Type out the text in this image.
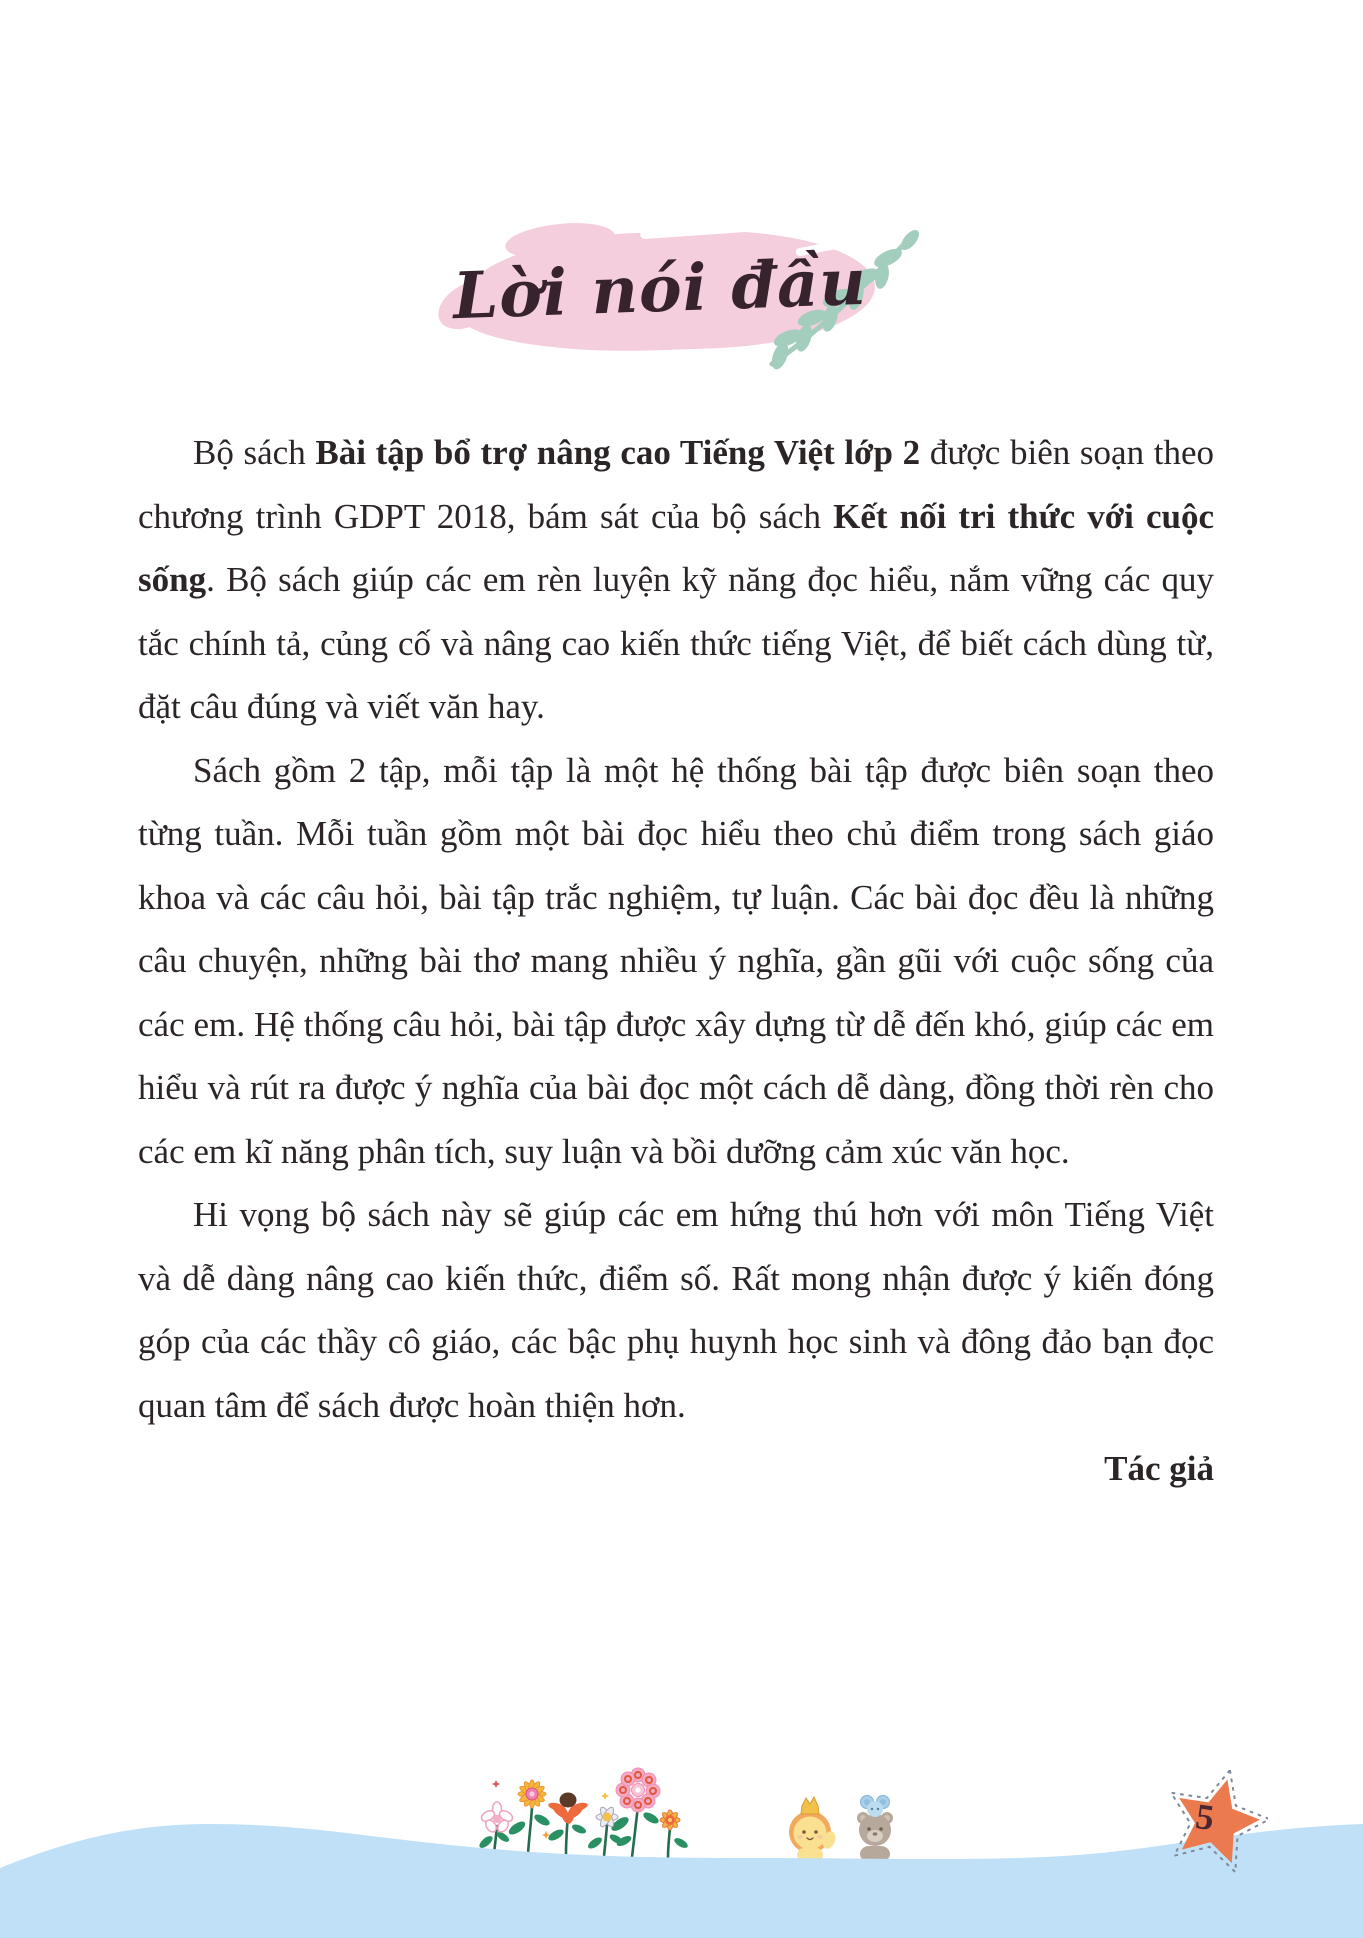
Lời nói đầu

Bộ sách Bài tập bổ trợ nâng cao Tiếng Việt lớp 2 được biên soạn theo chương trình GDPT 2018, bám sát của bộ sách Kết nối tri thức với cuộc sống. Bộ sách giúp các em rèn luyện kỹ năng đọc hiểu, nắm vững các quy tắc chính tả, củng cố và nâng cao kiến thức tiếng Việt, để biết cách dùng từ, đặt câu đúng và viết văn hay.

Sách gồm 2 tập, mỗi tập là một hệ thống bài tập được biên soạn theo từng tuần. Mỗi tuần gồm một bài đọc hiểu theo chủ điểm trong sách giáo khoa và các câu hỏi, bài tập trắc nghiệm, tự luận. Các bài đọc đều là những câu chuyện, những bài thơ mang nhiều ý nghĩa, gần gũi với cuộc sống của các em. Hệ thống câu hỏi, bài tập được xây dựng từ dễ đến khó, giúp các em hiểu và rút ra được ý nghĩa của bài đọc một cách dễ dàng, đồng thời rèn cho các em kĩ năng phân tích, suy luận và bồi dưỡng cảm xúc văn học.

Hi vọng bộ sách này sẽ giúp các em hứng thú hơn với môn Tiếng Việt và dễ dàng nâng cao kiến thức, điểm số. Rất mong nhận được ý kiến đóng góp của các thầy cô giáo, các bậc phụ huynh học sinh và đông đảo bạn đọc quan tâm để sách được hoàn thiện hơn.

Tác giả

5
